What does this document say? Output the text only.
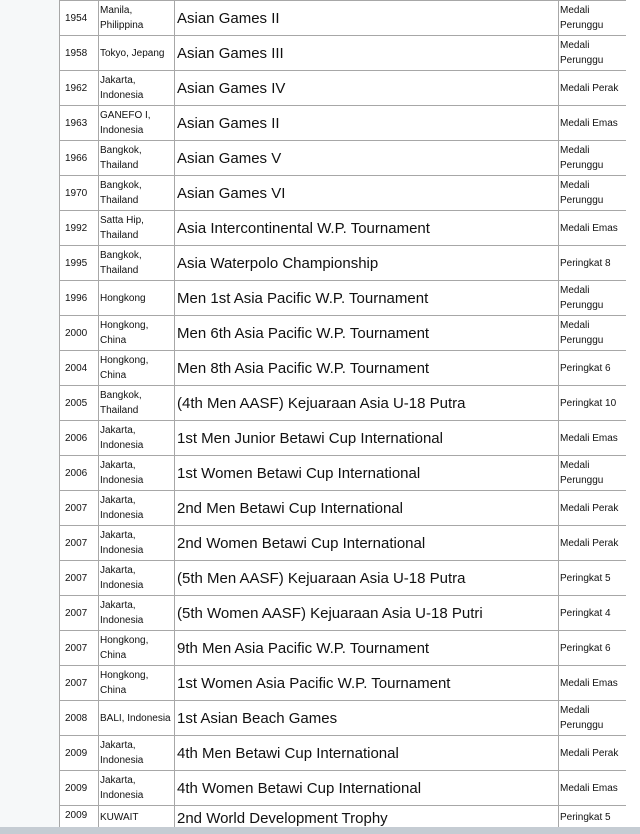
1954	Manila, Philippina	Asian Games II	Medali Perunggu
1958	Tokyo, Jepang	Asian Games III	Medali Perunggu
1962	Jakarta, Indonesia	Asian Games IV	Medali Perak
1963	GANEFO I, Indonesia	Asian Games II	Medali Emas
1966	Bangkok, Thailand	Asian Games V	Medali Perunggu
1970	Bangkok, Thailand	Asian Games VI	Medali Perunggu
1992	Satta Hip, Thailand	Asia Intercontinental W.P. Tournament	Medali Emas
1995	Bangkok, Thailand	Asia Waterpolo Championship	Peringkat 8
1996	Hongkong	Men 1st Asia Pacific W.P. Tournament	Medali Perunggu
2000	Hongkong, China	Men 6th Asia Pacific W.P. Tournament	Medali Perunggu
2004	Hongkong, China	Men 8th Asia Pacific W.P. Tournament	Peringkat 6
2005	Bangkok, Thailand	(4th Men AASF) Kejuaraan Asia U-18 Putra	Peringkat 10
2006	Jakarta, Indonesia	1st Men Junior Betawi Cup International	Medali Emas
2006	Jakarta, Indonesia	1st Women Betawi Cup International	Medali Perunggu
2007	Jakarta, Indonesia	2nd Men Betawi Cup International	Medali Perak
2007	Jakarta, Indonesia	2nd Women Betawi Cup International	Medali Perak
2007	Jakarta, Indonesia	(5th Men AASF) Kejuaraan Asia U-18 Putra	Peringkat 5
2007	Jakarta, Indonesia	(5th Women AASF) Kejuaraan Asia U-18 Putri	Peringkat 4
2007	Hongkong, China	9th Men Asia Pacific W.P. Tournament	Peringkat 6
2007	Hongkong, China	1st Women Asia Pacific W.P. Tournament	Medali Emas
2008	BALI, Indonesia	1st Asian Beach Games	Medali Perunggu
2009	Jakarta, Indonesia	4th Men Betawi Cup International	Medali Perak
2009	Jakarta, Indonesia	4th Women Betawi Cup International	Medali Emas
2009	KUWAIT	2nd World Development Trophy	Peringkat 5
